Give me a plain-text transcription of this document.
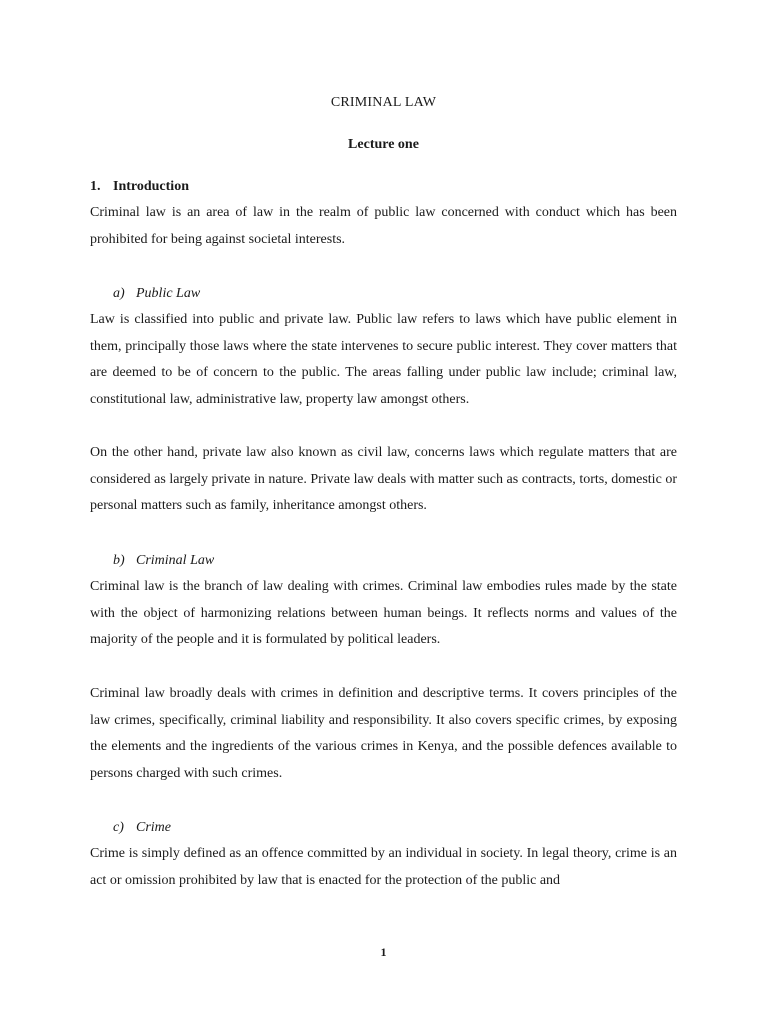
CRIMINAL LAW
Lecture one
1. Introduction

Criminal law is an area of law in the realm of public law concerned with conduct which has been prohibited for being against societal interests.

a) Public Law

Law is classified into public and private law. Public law refers to laws which have public element in them, principally those laws where the state intervenes to secure public interest. They cover matters that are deemed to be of concern to the public. The areas falling under public law include; criminal law, constitutional law, administrative law, property law amongst others.

On the other hand, private law also known as civil law, concerns laws which regulate matters that are considered as largely private in nature. Private law deals with matter such as contracts, torts, domestic or personal matters such as family, inheritance amongst others.

b) Criminal Law

Criminal law is the branch of law dealing with crimes. Criminal law embodies rules made by the state with the object of harmonizing relations between human beings. It reflects norms and values of the majority of the people and it is formulated by political leaders.

Criminal law broadly deals with crimes in definition and descriptive terms. It covers principles of the law crimes, specifically, criminal liability and responsibility. It also covers specific crimes, by exposing the elements and the ingredients of the various crimes in Kenya, and the possible defences available to persons charged with such crimes.

c) Crime

Crime is simply defined as an offence committed by an individual in society. In legal theory, crime is an act or omission prohibited by law that is enacted for the protection of the public and

1
